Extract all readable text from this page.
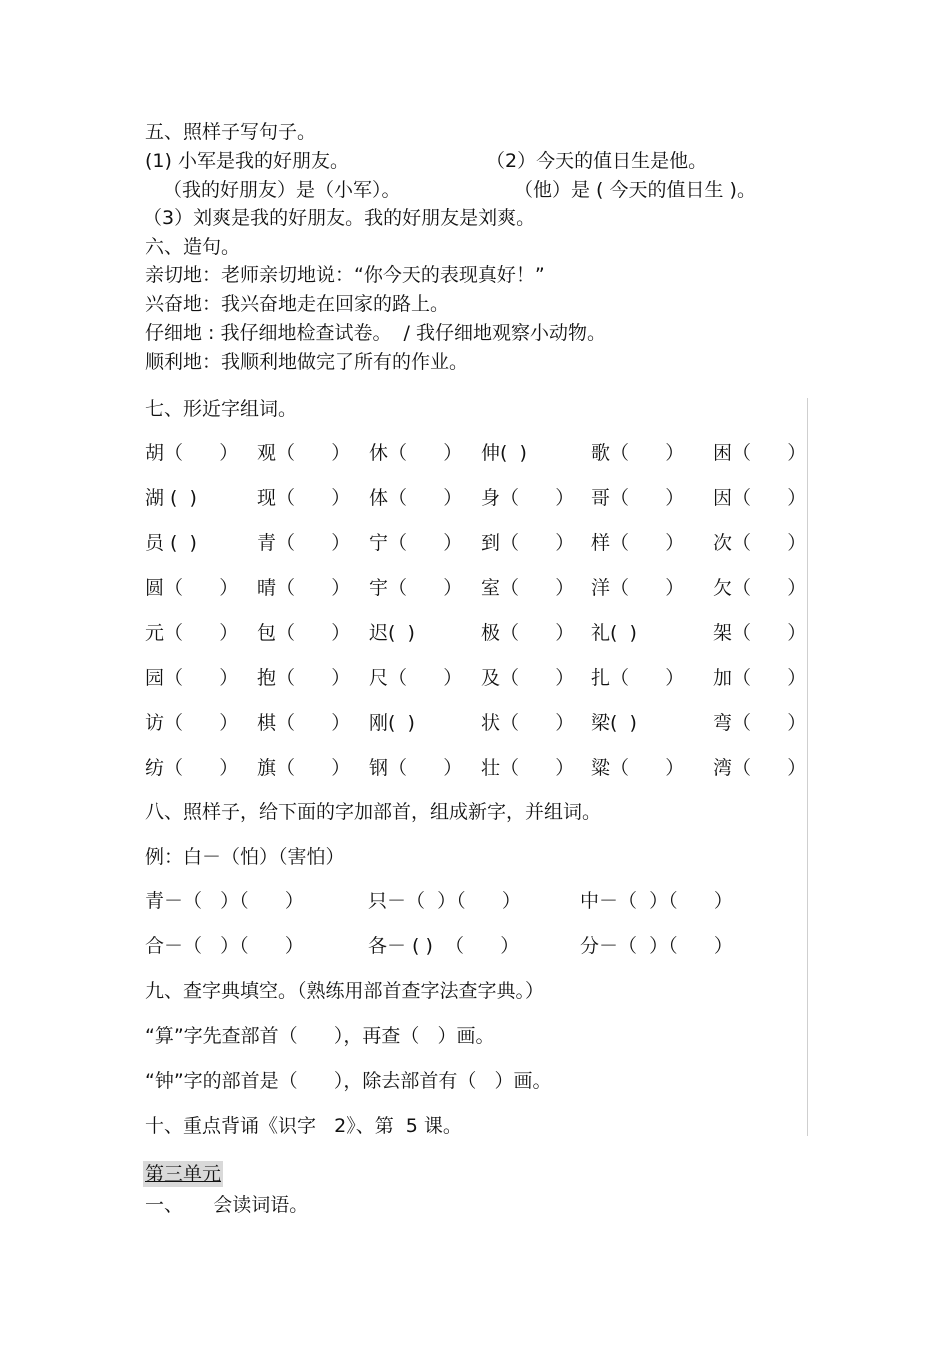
五、照样子写句子。
(1) 小军是我的好朋友。	（2）今天的值日生是他。
（我的好朋友）是（小军）。	（他）是 ( 今天的值日生 )。
（3）刘爽是我的好朋友。我的好朋友是刘爽。
六、造句。
亲切地：老师亲切地说：“你今天的表现真好！”
兴奋地：我兴奋地走在回家的路上。
仔细地 : 我仔细地检查试卷。  / 我仔细地观察小动物。
顺利地：我顺利地做完了所有的作业。
七、形近字组词。
胡（      ） 观（      ） 休（      ） 伸(  )	歌（      ） 困（      ）
湖 (  )	现（      ） 体（      ） 身（      ） 哥（      ） 因（      ）
员 (  )	青（      ） 宁（      ） 到（      ） 样（      ） 次（      ）
圆（      ） 晴（      ） 宇（      ） 室（      ） 洋（      ） 欠（      ）
元（      ） 包（      ） 迟(  )	极（      ） 礼(  )	架（      ）
园（      ） 抱（      ） 尺（      ） 及（      ） 扎（      ） 加（      ）
访（      ） 棋（      ） 刚(  )	状（      ） 梁(  )	弯（      ）
纺（      ） 旗（      ） 钢（      ） 壮（      ） 粱（      ） 湾（      ）
八、照样子，给下面的字加部首，组成新字，并组词。
例：白－（怕）（害怕）
青－（   ）（      ）	只－（  ）（      ）	中－（  ）（      ）
合－（   ）（      ）	各－ ( )  （      ）	分－（  ）（      ）
九、查字典填空。（熟练用部首查字法查字典。）
“算”字先查部首（      ），再查（   ）画。
“钟”字的部首是（      ），除去部首有（   ）画。
十、重点背诵《识字   2》、第  5 课。
第三单元
一、     会读词语。
